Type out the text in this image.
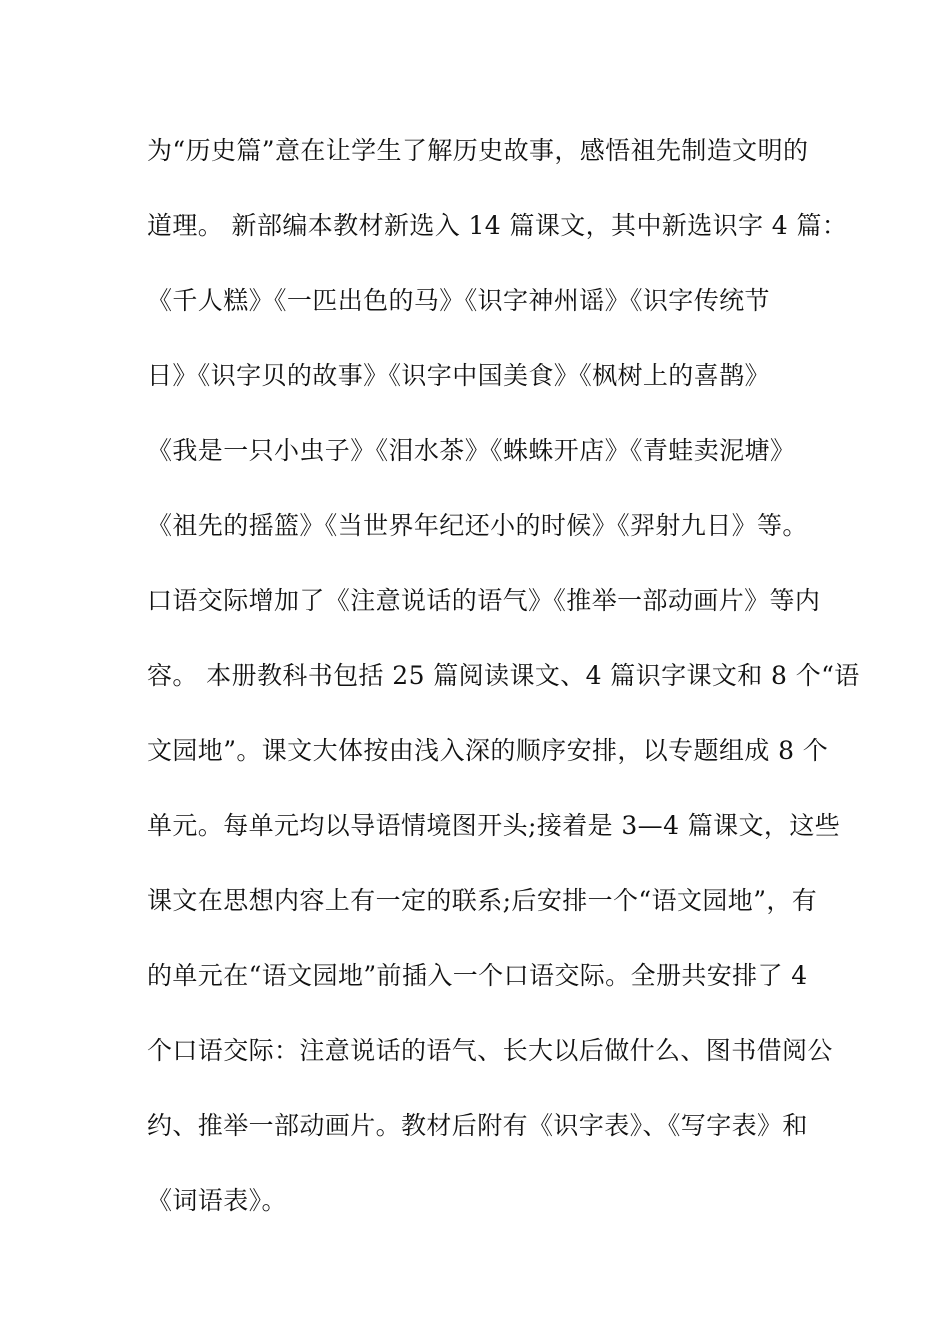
为“历史篇”意在让学生了解历史故事，感悟祖先制造文明的
道理。 新部编本教材新选入 14 篇课文，其中新选识字 4 篇：
《千人糕》《一匹出色的马》《识字神州谣》《识字传统节
日》《识字贝的故事》《识字中国美食》《枫树上的喜鹊》
《我是一只小虫子》《泪水茶》《蛛蛛开店》《青蛙卖泥塘》
《祖先的摇篮》《当世界年纪还小的时候》《羿射九日》等。
口语交际增加了《注意说话的语气》《推举一部动画片》等内
容。 本册教科书包括 25 篇阅读课文、4 篇识字课文和 8 个“语
文园地”。课文大体按由浅入深的顺序安排，以专题组成 8 个
单元。每单元均以导语情境图开头;接着是 3—4 篇课文，这些
课文在思想内容上有一定的联系;后安排一个“语文园地”，有
的单元在“语文园地”前插入一个口语交际。全册共安排了 4
个口语交际：注意说话的语气、长大以后做什么、图书借阅公
约、推举一部动画片。教材后附有《识字表》、《写字表》和
《词语表》。
